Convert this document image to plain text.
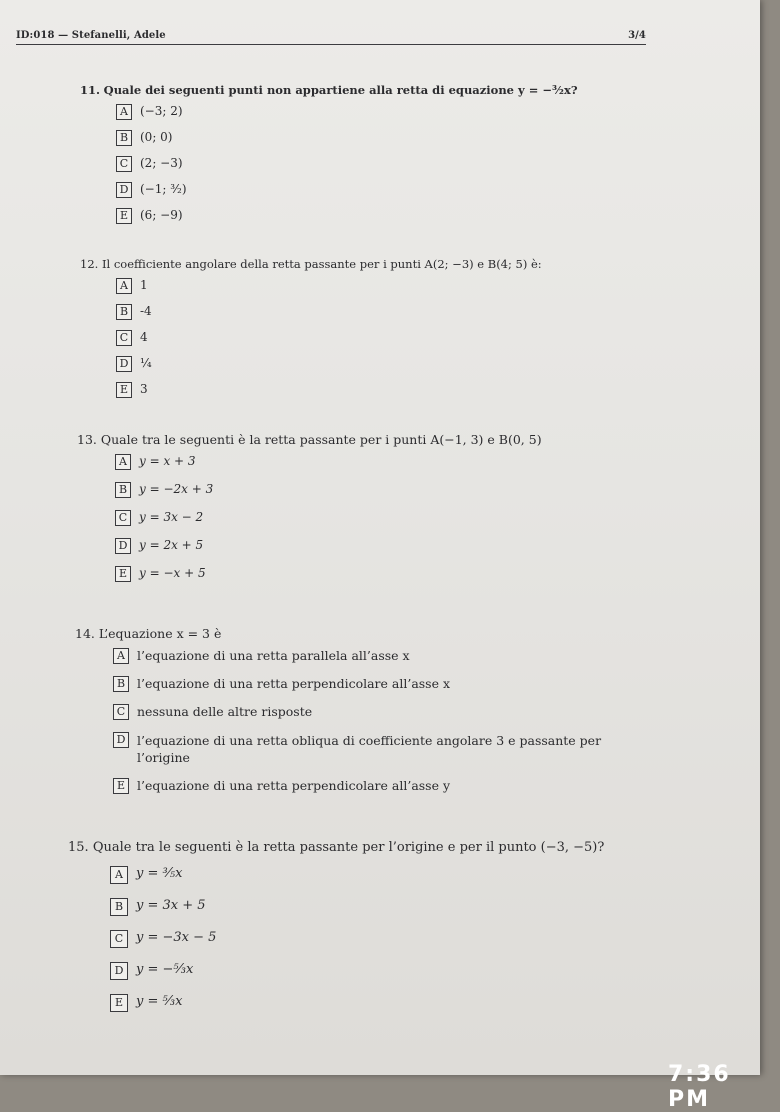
ID:018 — Stefanelli, Adele	3/4
11. Quale dei seguenti punti non appartiene alla retta di equazione y = −³⁄₂x?
A	(−3; 2)
B (0; 0)
C (2; −3)
D (−1; ³⁄₂)
E (6; −9)
12. Il coefficiente angolare della retta passante per i punti A(2; −3) e B(4; 5) è:
A	1
B -4
C 4
D ¼
E 3
13. Quale tra le seguenti è la retta passante per i punti A(−1, 3) e B(0, 5)
A	y = x + 3
B y = −2x + 3
C y = 3x − 2
D y = 2x + 5
E y = −x + 5
14. L’equazione x = 3 è
A l’equazione di una retta parallela all’asse x
B l’equazione di una retta perpendicolare all’asse x
C nessuna delle altre risposte
D l’equazione di una retta obliqua di coefficiente angolare 3 e passante per l’origine
E l’equazione di una retta perpendicolare all’asse y
15. Quale tra le seguenti è la retta passante per l’origine e per il punto (−3, −5)?
A	y = ³⁄₅x
B y = 3x + 5
C y = −3x − 5
D y = −⁵⁄₃x
E y = ⁵⁄₃x
7:36 PM
